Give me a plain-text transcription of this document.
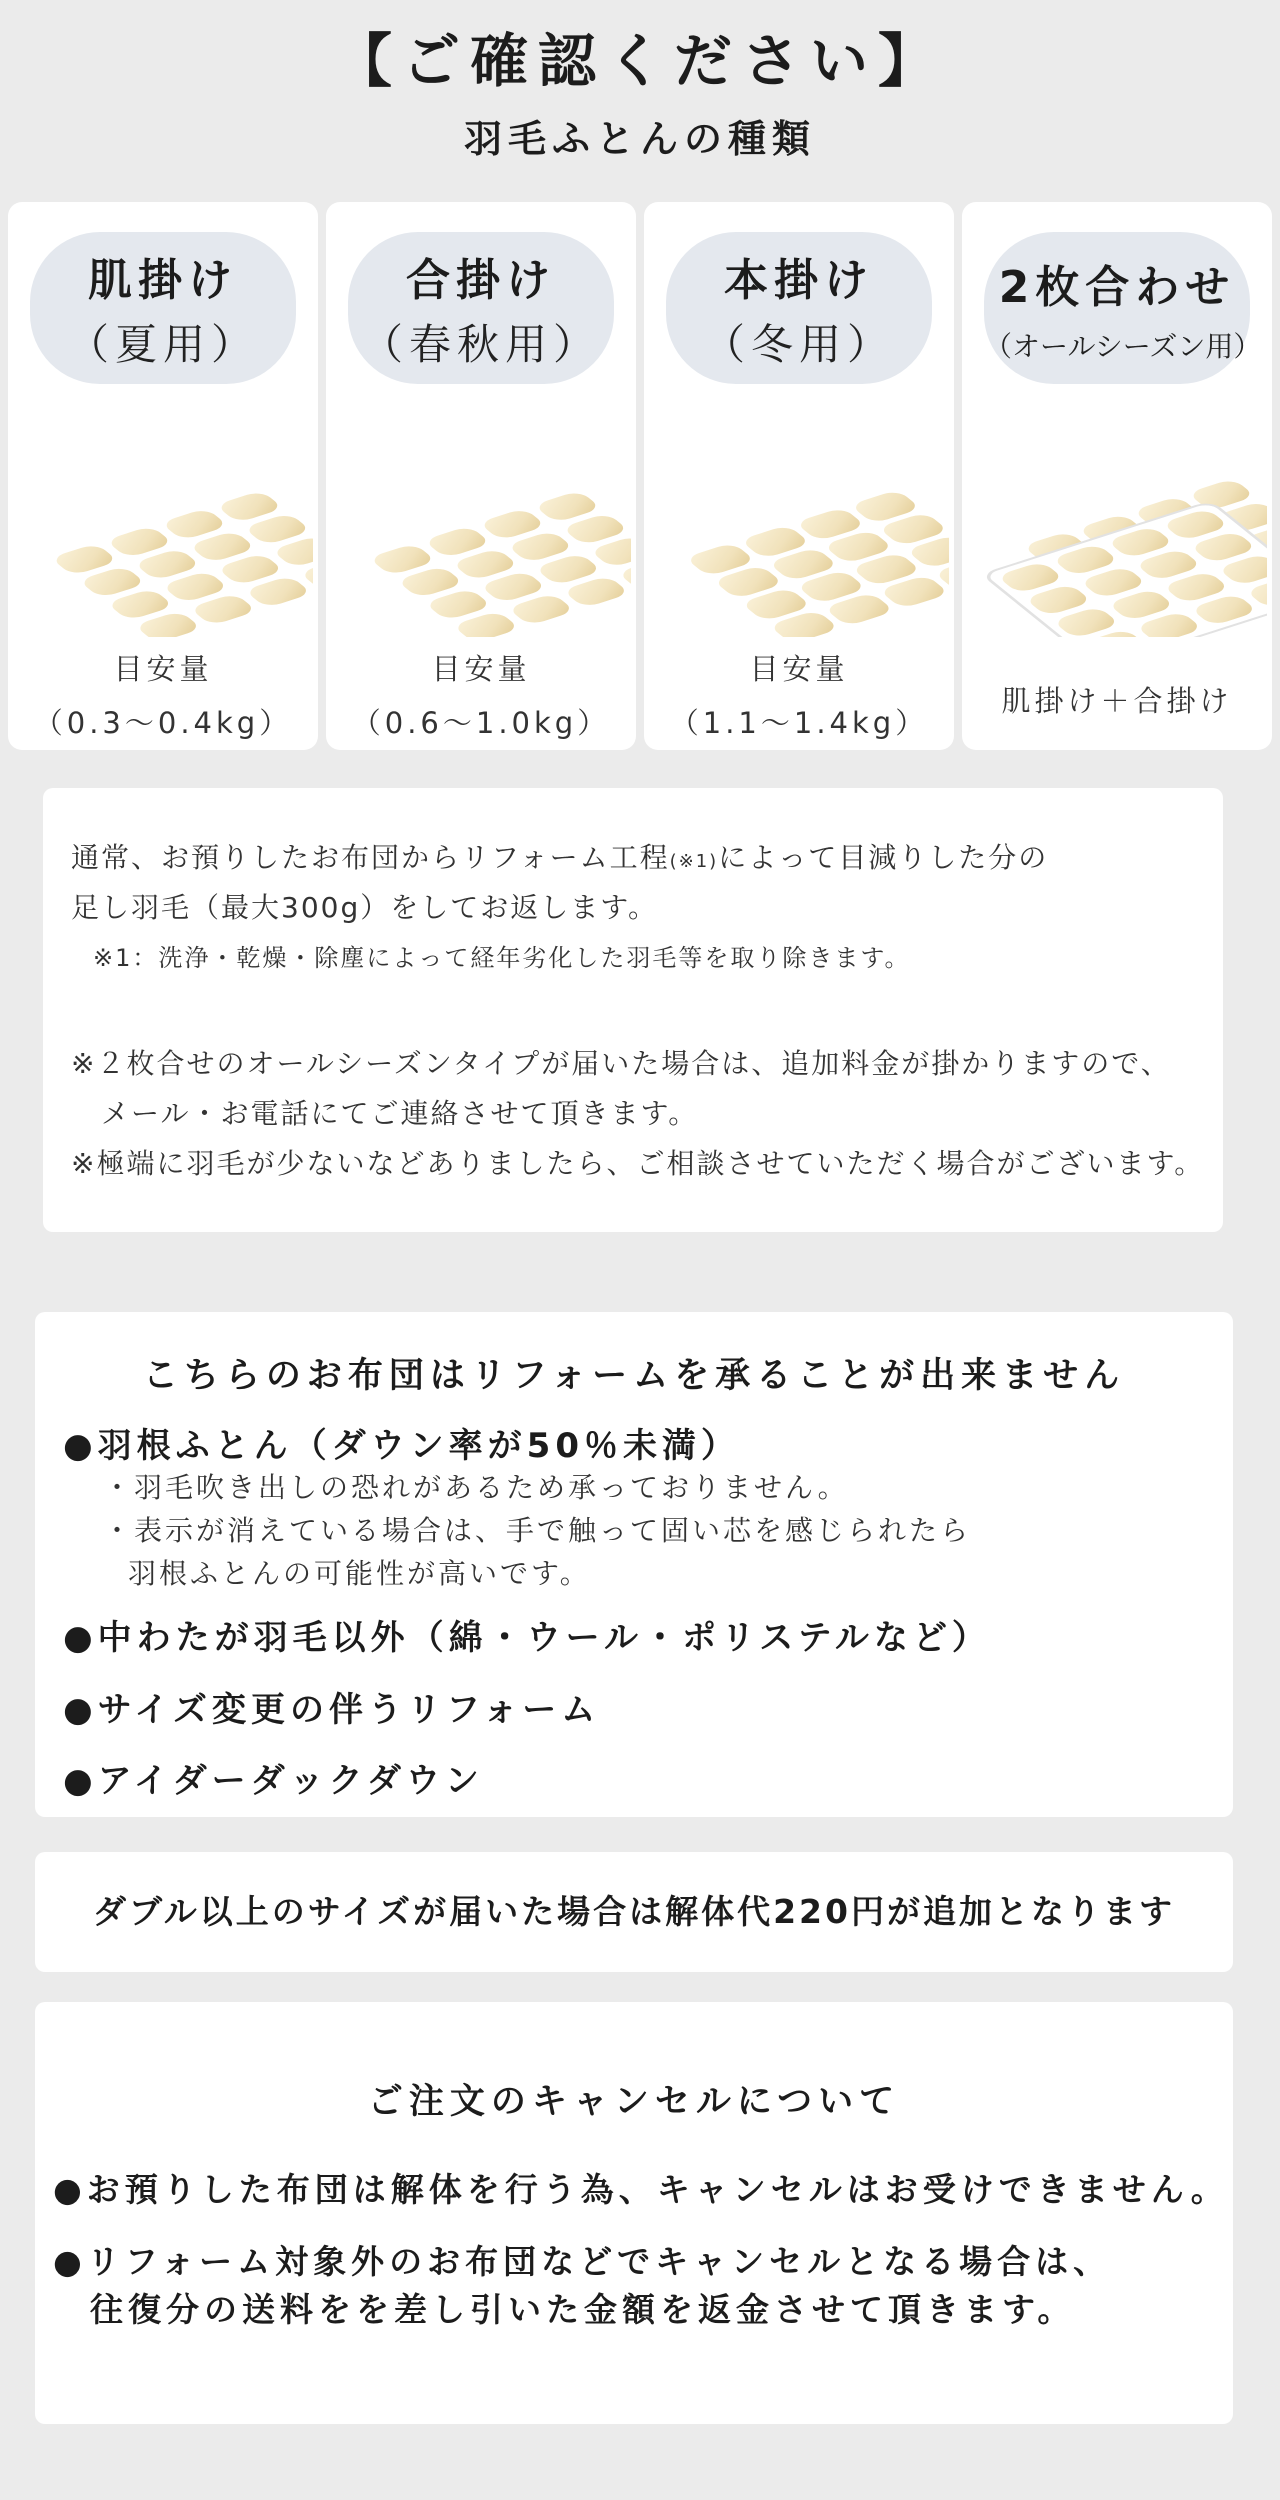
【ご確認ください】
羽毛ふとんの種類
肌掛け
（夏用）
目安量
（0.3～0.4kg）
合掛け
（春秋用）
目安量
（0.6～1.0kg）
本掛け
（冬用）
目安量
（1.1～1.4kg）
2枚合わせ
（オールシーズン用）
肌掛け＋合掛け
通常、お預りしたお布団からリフォーム工程(※1)によって目減りした分の
足し羽毛（最大300g）をしてお返します。
※1：洗浄・乾燥・除塵によって経年劣化した羽毛等を取り除きます。
※２枚合せのオールシーズンタイプが届いた場合は、追加料金が掛かりますので、
メール・お電話にてご連絡させて頂きます。
※極端に羽毛が少ないなどありましたら、ご相談させていただく場合がございます。
こちらのお布団はリフォームを承ることが出来ません
●羽根ふとん（ダウン率が50％未満）
・羽毛吹き出しの恐れがあるため承っておりません。
・表示が消えている場合は、手で触って固い芯を感じられたら
羽根ふとんの可能性が高いです。
●中わたが羽毛以外（綿・ウール・ポリステルなど）
●サイズ変更の伴うリフォーム
●アイダーダックダウン
ダブル以上のサイズが届いた場合は解体代220円が追加となります
ご注文のキャンセルについて
●お預りした布団は解体を行う為、キャンセルはお受けできません。
●リフォーム対象外のお布団などでキャンセルとなる場合は、
往復分の送料をを差し引いた金額を返金させて頂きます。
